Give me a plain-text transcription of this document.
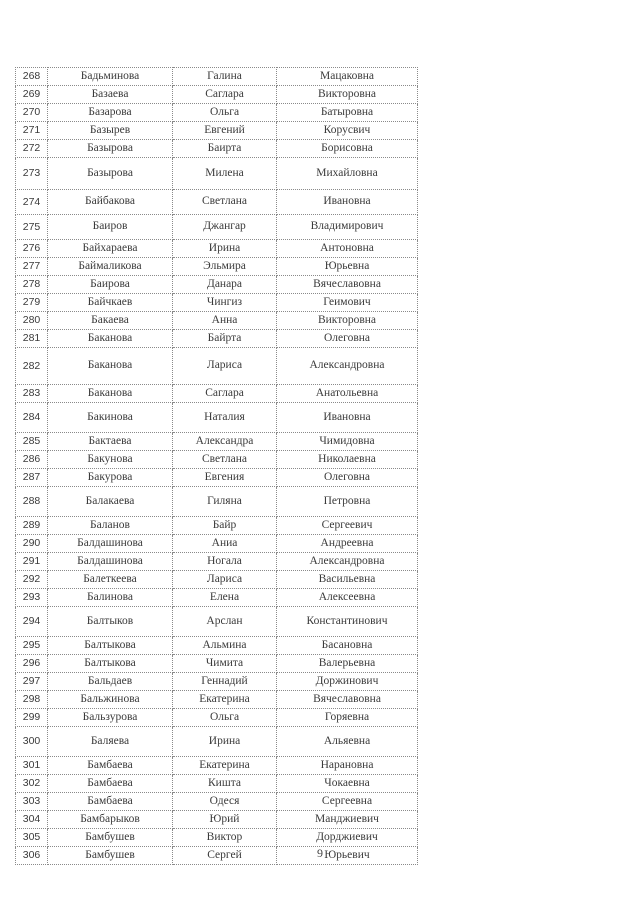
268	Бадьминова	Галина	Мацаковна
269	Базаева	Саглара	Викторовна
270	Базарова	Ольга	Батыровна
271	Базырев	Евгений	Корусвич
272	Базырова	Баирта	Борисовна
273	Базырова	Милена	Михайловна
274	Байбакова	Светлана	Ивановна
275	Баиров	Джангар	Владимирович
276	Байхараева	Ирина	Антоновна
277	Баймаликова	Эльмира	Юрьевна
278	Баирова	Данара	Вячеславовна
279	Байчкаев	Чингиз	Геимович
280	Бакаева	Анна	Викторовна
281	Баканова	Байрта	Олеговна
282	Баканова	Лариса	Александровна
283	Баканова	Саглара	Анатольевна
284	Бакинова	Наталия	Ивановна
285	Бактаева	Александра	Чимидовна
286	Бакунова	Светлана	Николаевна
287	Бакурова	Евгения	Олеговна
288	Балакаева	Гиляна	Петровна
289	Баланов	Байр	Сергеевич
290	Балдашинова	Аниа	Андреевна
291	Балдашинова	Ногала	Александровна
292	Балеткеева	Лариса	Васильевна
293	Балинова	Елена	Алексеевна
294	Балтыков	Арслан	Константинович
295	Балтыкова	Альмина	Басановна
296	Балтыкова	Чимита	Валерьевна
297	Бальдаев	Геннадий	Доржинович
298	Бальжинова	Екатерина	Вячеславовна
299	Бальзурова	Ольга	Горяевна
300	Баляева	Ирина	Альяевна
301	Бамбаева	Екатерина	Нарановна
302	Бамбаева	Кишта	Чокаевна
303	Бамбаева	Одеся	Сергеевна
304	Бамбарыков	Юрий	Манджиевич
305	Бамбушев	Виктор	Дорджиевич
306	Бамбушев	Сергей	Юрьевич
9
